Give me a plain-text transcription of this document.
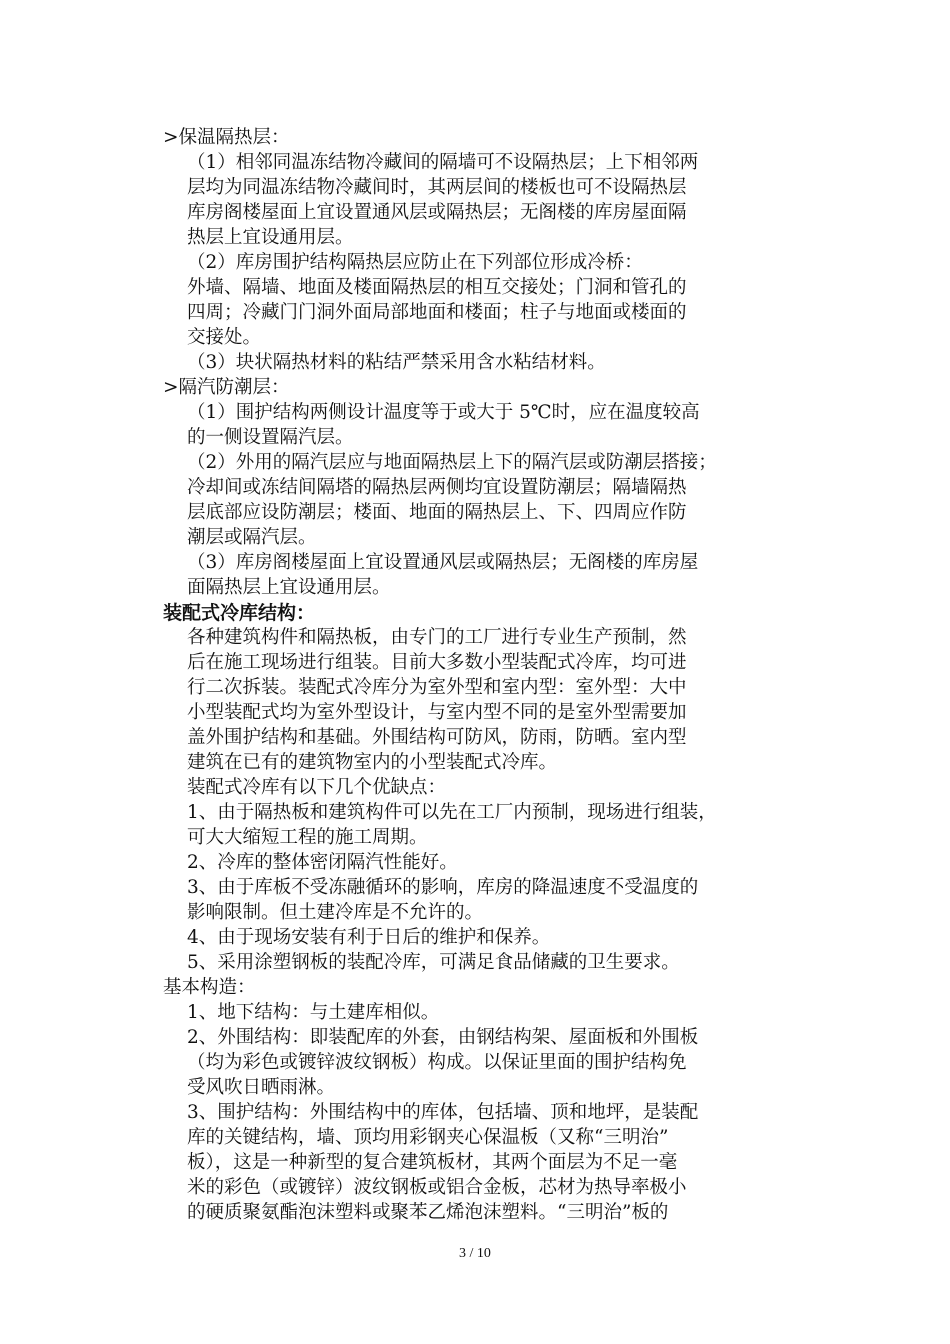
>保温隔热层：
（1）相邻同温冻结物冷藏间的隔墙可不设隔热层；上下相邻两
层均为同温冻结物冷藏间时，其两层间的楼板也可不设隔热层
库房阁楼屋面上宜设置通风层或隔热层；无阁楼的库房屋面隔
热层上宜设通用层。
（2）库房围护结构隔热层应防止在下列部位形成冷桥：
外墙、隔墙、地面及楼面隔热层的相互交接处；门洞和管孔的
四周；冷藏门门洞外面局部地面和楼面；柱子与地面或楼面的
交接处。
（3）块状隔热材料的粘结严禁采用含水粘结材料。
>隔汽防潮层：
（1）围护结构两侧设计温度等于或大于 5℃时，应在温度较高
的一侧设置隔汽层。
（2）外用的隔汽层应与地面隔热层上下的隔汽层或防潮层搭接；
冷却间或冻结间隔塔的隔热层两侧均宜设置防潮层；隔墙隔热
层底部应设防潮层；楼面、地面的隔热层上、下、四周应作防
潮层或隔汽层。
（3）库房阁楼屋面上宜设置通风层或隔热层；无阁楼的库房屋
面隔热层上宜设通用层。
装配式冷库结构：
各种建筑构件和隔热板，由专门的工厂进行专业生产预制，然
后在施工现场进行组装。目前大多数小型装配式冷库，均可进
行二次拆装。装配式冷库分为室外型和室内型：室外型：大中
小型装配式均为室外型设计，与室内型不同的是室外型需要加
盖外围护结构和基础。外围结构可防风，防雨，防晒。室内型
建筑在已有的建筑物室内的小型装配式冷库。
装配式冷库有以下几个优缺点：
1、由于隔热板和建筑构件可以先在工厂内预制，现场进行组装，
可大大缩短工程的施工周期。
2、冷库的整体密闭隔汽性能好。
3、由于库板不受冻融循环的影响，库房的降温速度不受温度的
影响限制。但土建冷库是不允许的。
4、由于现场安装有利于日后的维护和保养。
5、采用涂塑钢板的装配冷库，可满足食品储藏的卫生要求。
基本构造：
1、地下结构：与土建库相似。
2、外围结构：即装配库的外套，由钢结构架、屋面板和外围板
（均为彩色或镀锌波纹钢板）构成。以保证里面的围护结构免
受风吹日晒雨淋。
3、围护结构：外围结构中的库体，包括墙、顶和地坪，是装配
库的关键结构，墙、顶均用彩钢夹心保温板（又称“三明治”
板），这是一种新型的复合建筑板材，其两个面层为不足一毫
米的彩色（或镀锌）波纹钢板或铝合金板，芯材为热导率极小
的硬质聚氨酯泡沫塑料或聚苯乙烯泡沫塑料。“三明治”板的
3 / 10
